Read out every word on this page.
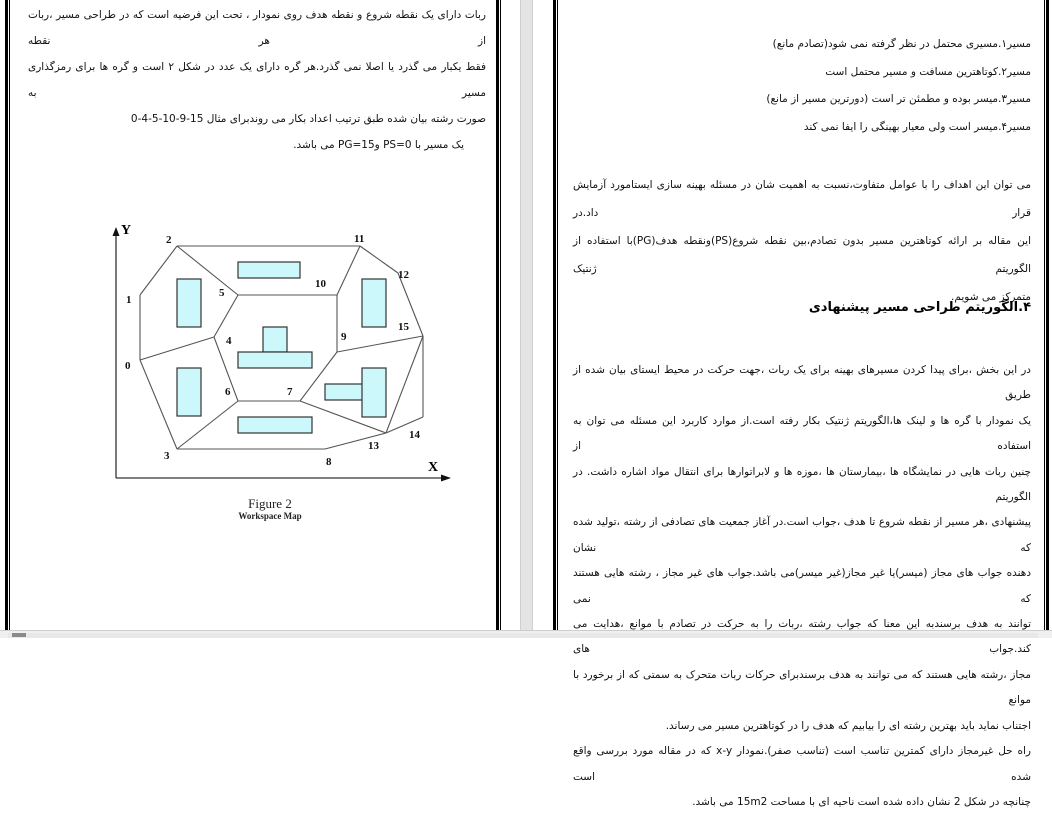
ربات دارای یک نقطه شروع و نقطه هدف روی نمودار ، تحت این فرضیه است که در طراحی مسیر ،ربات از هر نقطه

فقط یکبار می گذرد یا اصلا نمی گذرد.هر گره دارای یک عدد در شکل ۲ است و گره ها برای رمزگذاری مسیر به

صورت رشته بیان شده طبق ترتیب اعداد بکار می روندبرای مثال 15-9-10-5-4-0

یک مسیر با PS=0 وPG=15 می باشد.

Y
X
0
1
2
3
4
5
6	7
8
9
10
11
12
13
14
15
Figure 2
Workspace Map

مسیر۱.مسیری محتمل در نظر گرفته نمی شود(تصادم مانع)

مسیر۲.کوتاهترین مسافت و مسیر محتمل است

مسیر۳.میسر بوده و مطمئن تر است (دورترین مسیر از مانع)

مسیر۴.میسر است ولی معیار بهینگی را ایفا نمی کند

می توان این اهداف را با عوامل متفاوت،نسبت به اهمیت شان در مسئله بهینه سازی ایستامورد آزمایش قرار داد.در

این مقاله بر ارائه کوتاهترین مسیر بدون تصادم،بین نقطه شروع(PS)ونقطه هدف(PG)با استفاده از الگوریتم ژنتیک

متمرکز می شویم.

۴.الگوریتم طراحی مسیر پیشنهادی

در این بخش ،برای پیدا کردن مسیرهای بهینه برای یک ربات ،جهت حرکت در محیط ایستای بیان شده از طریق

یک نمودار با گره ها و لینک ها،الگوریتم ژنتیک بکار رفته است.از موارد کاربرد این مسئله می توان به استفاده از

چنین ربات هایی در نمایشگاه ها ،بیمارستان ها ،موزه ها و لابراتوارها برای انتقال مواد اشاره داشت. در الگوریتم

پیشنهادی ،هر مسیر از نقطه شروع تا هدف ،جواب است.در آغاز جمعیت های تصادفی از رشته ،تولید شده که نشان

دهنده جواب های مجاز (میسر)یا غیر مجاز(غیر میسر)می باشد.جواب های غیر مجاز ، رشته هایی هستند که نمی

توانند به هدف برسندبه این معنا که جواب رشته ،ربات را به حرکت در تصادم با موانع ،هدایت می کند.جواب های

مجاز ،رشته هایی هستند که می توانند به هدف برسندبرای حرکات ربات متحرک به سمتی که از برخورد با موانع

اجتناب نماید باید بهترین رشته ای را بیابیم که هدف را در کوتاهترین مسیر می رساند.

راه حل غیرمجاز دارای کمترین تناسب است (تناسب صفر).نمودار x-y که در مقاله مورد بررسی واقع شده است

چنانچه در شکل 2 نشان داده شده است ناحیه ای با مساحت 15m2 می باشد.
